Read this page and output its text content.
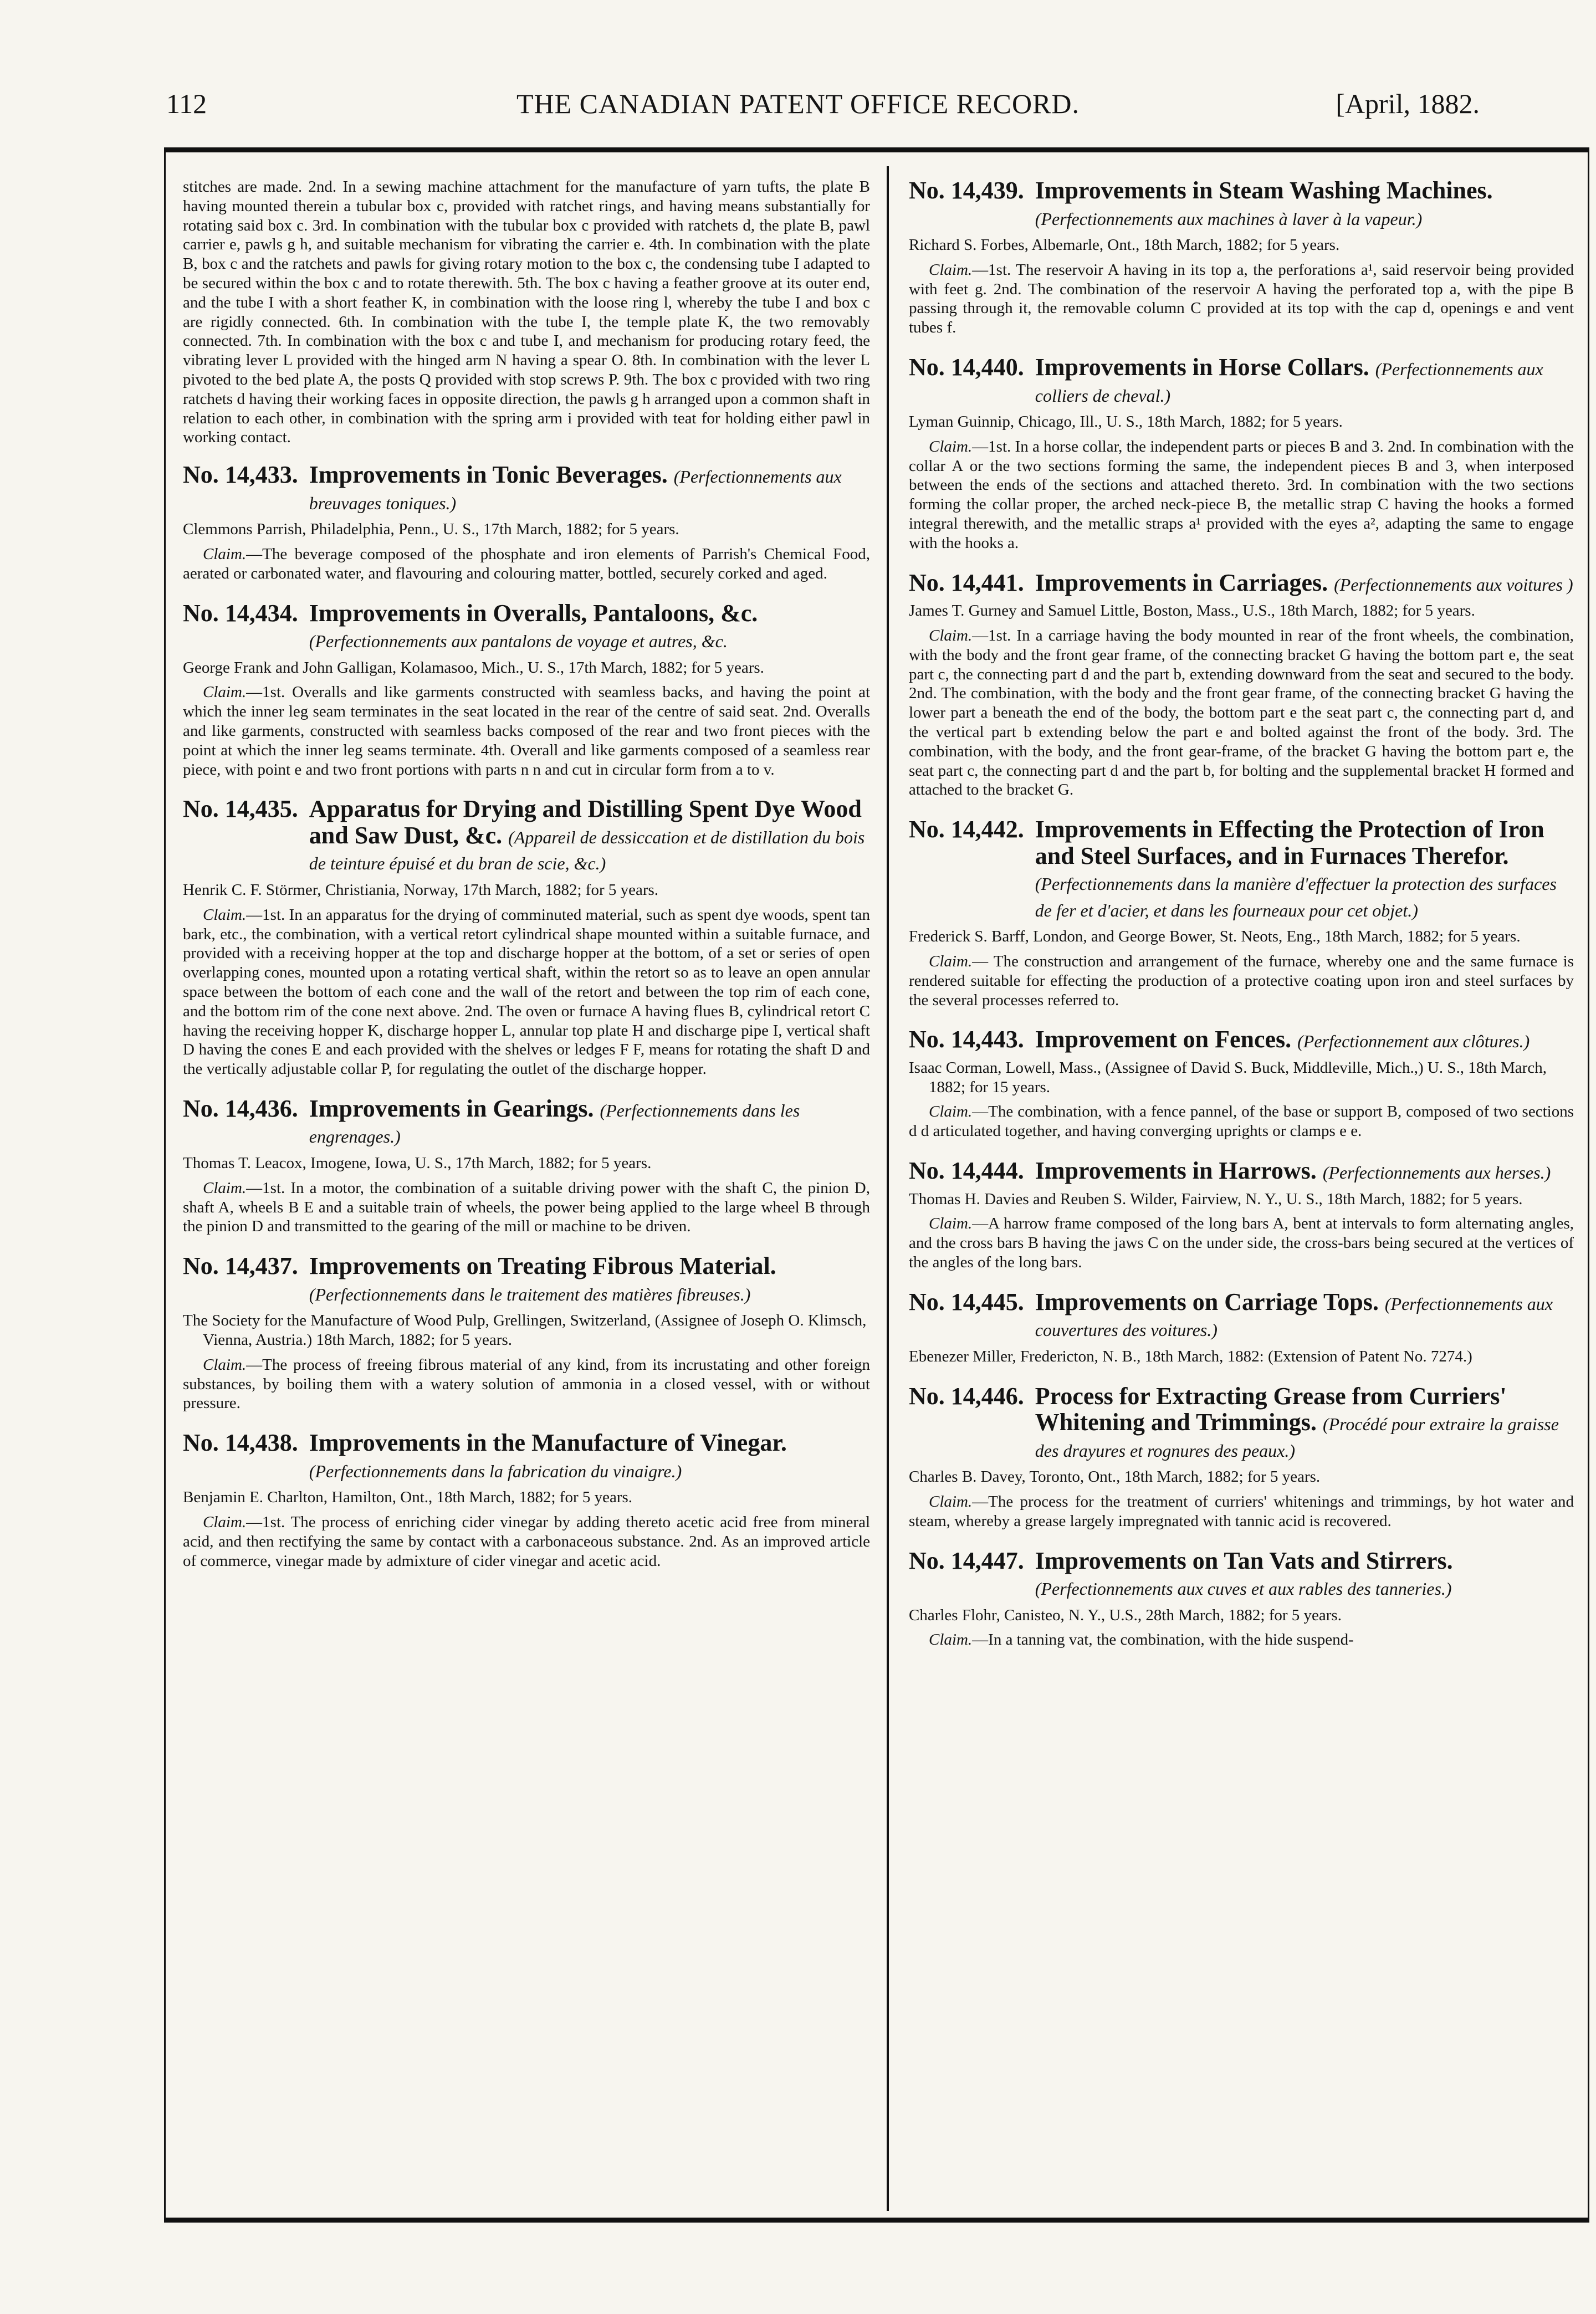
112	THE CANADIAN PATENT OFFICE RECORD.	[April, 1882.

stitches are made. 2nd. In a sewing machine attachment for the manufacture of yarn tufts, the plate B having mounted therein a tubular box c, provided with ratchet rings, and having means substantially for rotating said box c. 3rd. In combination with the tubular box c provided with ratchets d, the plate B, pawl carrier e, pawls g h, and suitable mechanism for vibrating the carrier e. 4th. In combination with the plate B, box c and the ratchets and pawls for giving rotary motion to the box c, the condensing tube I adapted to be secured within the box c and to rotate therewith. 5th. The box c having a feather groove at its outer end, and the tube I with a short feather K, in combination with the loose ring l, whereby the tube I and box c are rigidly connected. 6th. In combination with the tube I, the temple plate K, the two removably connected. 7th. In combination with the box c and tube I, and mechanism for producing rotary feed, the vibrating lever L provided with the hinged arm N having a spear O. 8th. In combination with the lever L pivoted to the bed plate A, the posts Q provided with stop screws P. 9th. The box c provided with two ring ratchets d having their working faces in opposite direction, the pawls g h arranged upon a common shaft in relation to each other, in combination with the spring arm i provided with teat for holding either pawl in working contact.

No. 14,433. Improvements in Tonic Beverages. (Perfectionnements aux breuvages toniques.)

Clemmons Parrish, Philadelphia, Penn., U. S., 17th March, 1882; for 5 years.

Claim.—The beverage composed of the phosphate and iron elements of Parrish's Chemical Food, aerated or carbonated water, and flavouring and colouring matter, bottled, securely corked and aged.

No. 14,434. Improvements in Overalls, Pantaloons, &c. (Perfectionnements aux pantalons de voyage et autres, &c.

George Frank and John Galligan, Kolamasoo, Mich., U. S., 17th March, 1882; for 5 years.

Claim.—1st. Overalls and like garments constructed with seamless backs, and having the point at which the inner leg seam terminates in the seat located in the rear of the centre of said seat. 2nd. Overalls and like garments, constructed with seamless backs composed of the rear and two front pieces with the point at which the inner leg seams terminate. 4th. Overall and like garments composed of a seamless rear piece, with point e and two front portions with parts n n and cut in circular form from a to v.

No. 14,435. Apparatus for Drying and Distilling Spent Dye Wood and Saw Dust, &c. (Appareil de dessiccation et de distillation du bois de teinture épuisé et du bran de scie, &c.)

Henrik C. F. Störmer, Christiania, Norway, 17th March, 1882; for 5 years.

Claim.—1st. In an apparatus for the drying of comminuted material, such as spent dye woods, spent tan bark, etc., the combination, with a vertical retort cylindrical shape mounted within a suitable furnace, and provided with a receiving hopper at the top and discharge hopper at the bottom, of a set or series of open overlapping cones, mounted upon a rotating vertical shaft, within the retort so as to leave an open annular space between the bottom of each cone and the wall of the retort and between the top rim of each cone, and the bottom rim of the cone next above. 2nd. The oven or furnace A having flues B, cylindrical retort C having the receiving hopper K, discharge hopper L, annular top plate H and discharge pipe I, vertical shaft D having the cones E and each provided with the shelves or ledges F F, means for rotating the shaft D and the vertically adjustable collar P, for regulating the outlet of the discharge hopper.

No. 14,436. Improvements in Gearings. (Perfectionnements dans les engrenages.)

Thomas T. Leacox, Imogene, Iowa, U. S., 17th March, 1882; for 5 years.

Claim.—1st. In a motor, the combination of a suitable driving power with the shaft C, the pinion D, shaft A, wheels B E and a suitable train of wheels, the power being applied to the large wheel B through the pinion D and transmitted to the gearing of the mill or machine to be driven.

No. 14,437. Improvements on Treating Fibrous Material. (Perfectionnements dans le traitement des matières fibreuses.)

The Society for the Manufacture of Wood Pulp, Grellingen, Switzerland, (Assignee of Joseph O. Klimsch, Vienna, Austria.) 18th March, 1882; for 5 years.

Claim.—The process of freeing fibrous material of any kind, from its incrustating and other foreign substances, by boiling them with a watery solution of ammonia in a closed vessel, with or without pressure.

No. 14,438. Improvements in the Manufacture of Vinegar. (Perfectionnements dans la fabrication du vinaigre.)

Benjamin E. Charlton, Hamilton, Ont., 18th March, 1882; for 5 years.

Claim.—1st. The process of enriching cider vinegar by adding thereto acetic acid free from mineral acid, and then rectifying the same by contact with a carbonaceous substance. 2nd. As an improved article of commerce, vinegar made by admixture of cider vinegar and acetic acid.

No. 14,439. Improvements in Steam Washing Machines. (Perfectionnements aux machines à laver à la vapeur.)

Richard S. Forbes, Albemarle, Ont., 18th March, 1882; for 5 years.

Claim.—1st. The reservoir A having in its top a, the perforations a¹, said reservoir being provided with feet g. 2nd. The combination of the reservoir A having the perforated top a, with the pipe B passing through it, the removable column C provided at its top with the cap d, openings e and vent tubes f.

No. 14,440. Improvements in Horse Collars. (Perfectionnements aux colliers de cheval.)

Lyman Guinnip, Chicago, Ill., U. S., 18th March, 1882; for 5 years.

Claim.—1st. In a horse collar, the independent parts or pieces B and 3. 2nd. In combination with the collar A or the two sections forming the same, the independent pieces B and 3, when interposed between the ends of the sections and attached thereto. 3rd. In combination with the two sections forming the collar proper, the arched neck-piece B, the metallic strap C having the hooks a formed integral therewith, and the metallic straps a¹ provided with the eyes a², adapting the same to engage with the hooks a.

No. 14,441. Improvements in Carriages. (Perfectionnements aux voitures )

James T. Gurney and Samuel Little, Boston, Mass., U.S., 18th March, 1882; for 5 years.

Claim.—1st. In a carriage having the body mounted in rear of the front wheels, the combination, with the body and the front gear frame, of the connecting bracket G having the bottom part e, the seat part c, the connecting part d and the part b, extending downward from the seat and secured to the body. 2nd. The combination, with the body and the front gear frame, of the connecting bracket G having the lower part a beneath the end of the body, the bottom part e the seat part c, the connecting part d, and the vertical part b extending below the part e and bolted against the front of the body. 3rd. The combination, with the body, and the front gear-frame, of the bracket G having the bottom part e, the seat part c, the connecting part d and the part b, for bolting and the supplemental bracket H formed and attached to the bracket G.

No. 14,442. Improvements in Effecting the Protection of Iron and Steel Surfaces, and in Furnaces Therefor. (Perfectionnements dans la manière d'effectuer la protection des surfaces de fer et d'acier, et dans les fourneaux pour cet objet.)

Frederick S. Barff, London, and George Bower, St. Neots, Eng., 18th March, 1882; for 5 years.

Claim.— The construction and arrangement of the furnace, whereby one and the same furnace is rendered suitable for effecting the production of a protective coating upon iron and steel surfaces by the several processes referred to.

No. 14,443. Improvement on Fences. (Perfectionnement aux clôtures.)

Isaac Corman, Lowell, Mass., (Assignee of David S. Buck, Middleville, Mich.,) U. S., 18th March, 1882; for 15 years.

Claim.—The combination, with a fence pannel, of the base or support B, composed of two sections d d articulated together, and having converging uprights or clamps e e.

No. 14,444. Improvements in Harrows. (Perfectionnements aux herses.)

Thomas H. Davies and Reuben S. Wilder, Fairview, N. Y., U. S., 18th March, 1882; for 5 years.

Claim.—A harrow frame composed of the long bars A, bent at intervals to form alternating angles, and the cross bars B having the jaws C on the under side, the cross-bars being secured at the vertices of the angles of the long bars.

No. 14,445. Improvements on Carriage Tops. (Perfectionnements aux couvertures des voitures.)

Ebenezer Miller, Fredericton, N. B., 18th March, 1882: (Extension of Patent No. 7274.)

No. 14,446. Process for Extracting Grease from Curriers' Whitening and Trimmings. (Procédé pour extraire la graisse des drayures et rognures des peaux.)

Charles B. Davey, Toronto, Ont., 18th March, 1882; for 5 years.

Claim.—The process for the treatment of curriers' whitenings and trimmings, by hot water and steam, whereby a grease largely impregnated with tannic acid is recovered.

No. 14,447. Improvements on Tan Vats and Stirrers. (Perfectionnements aux cuves et aux rables des tanneries.)

Charles Flohr, Canisteo, N. Y., U.S., 28th March, 1882; for 5 years.

Claim.—In a tanning vat, the combination, with the hide suspend-
